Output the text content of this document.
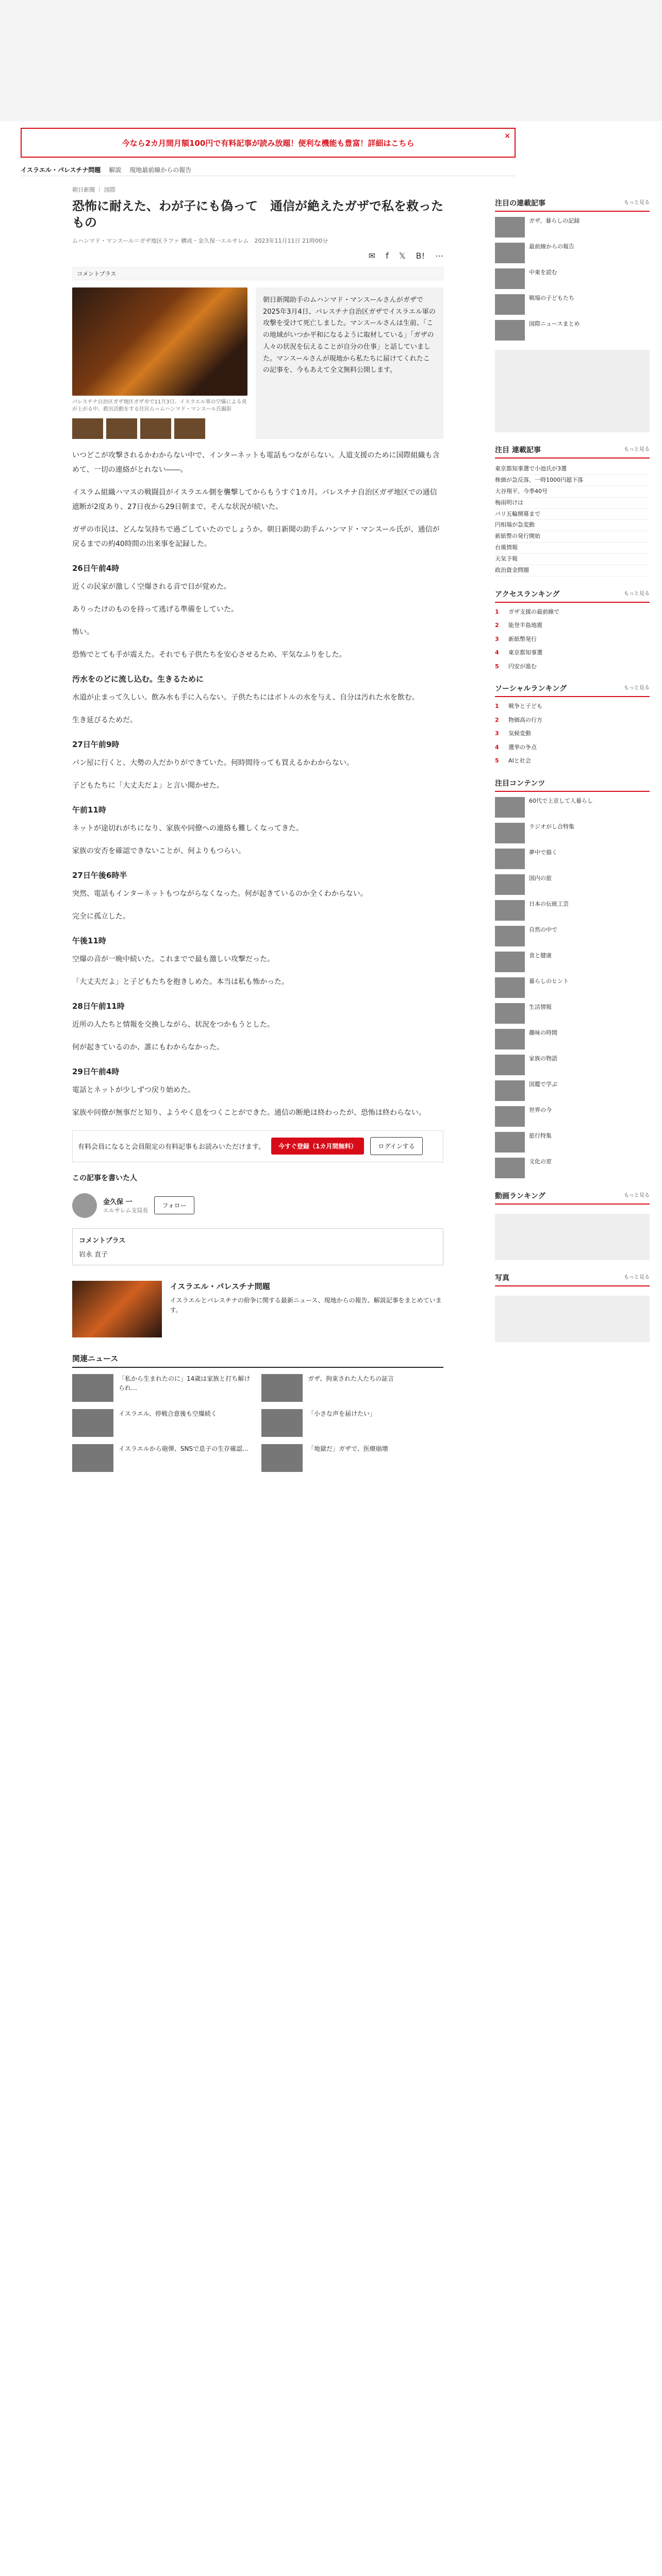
今なら2カ月間月額100円で有料記事が読み放題！便利な機能も豊富！詳細はこちら
×
イスラエル・パレスチナ問題 解説 現地最前線からの報告
朝日新聞 ｜ 国際
恐怖に耐えた、わが子にも偽って　通信が絶えたガザで私を救ったもの
ムハンマド・マンスール＝ガザ地区ラファ 構成・金久保一エルサレム　2023年11月11日 21時00分
✉ f 𝕏 B! ⋯
コメントプラス
パレスチナ自治区ガザ地区ガザ市で11月3日、イスラエル軍の空爆による炎が上がる中、救出活動をする住民ら＝ムハンマド・マンスール氏撮影
朝日新聞助手のムハンマド・マンスールさんがガザで2025年3月4日、パレスチナ自治区ガザでイスラエル軍の攻撃を受けて死亡しました。マンスールさんは生前、「この地域がいつか平和になるように取材している」「ガザの人々の状況を伝えることが自分の仕事」と話していました。マンスールさんが現地から私たちに届けてくれたこの記事を、今もあえて全文無料公開します。

いつどこが攻撃されるかわからない中で、インターネットも電話もつながらない。人道支援のために国際組織も含めて、一切の連絡がとれない――。

イスラム組織ハマスの戦闘員がイスラエル側を襲撃してからもうすぐ1カ月。パレスチナ自治区ガザ地区での通信遮断が2度あり、27日夜から29日朝まで、そんな状況が続いた。

ガザの市民は、どんな気持ちで過ごしていたのでしょうか。朝日新聞の助手ムハンマド・マンスール氏が、通信が戻るまでの約40時間の出来事を記録した。

26日午前4時

近くの民家が激しく空爆される音で目が覚めた。

ありったけのものを持って逃げる準備をしていた。

怖い。

恐怖でとても手が震えた。それでも子供たちを安心させるため、平気なふりをした。

汚水をのどに流し込む。生きるために

水道が止まって久しい。飲み水も手に入らない。子供たちにはボトルの水を与え、自分は汚れた水を飲む。

生き延びるためだ。

27日午前9時

パン屋に行くと、大勢の人だかりができていた。何時間待っても買えるかわからない。

子どもたちに「大丈夫だよ」と言い聞かせた。

午前11時

ネットが途切れがちになり、家族や同僚への連絡も難しくなってきた。

家族の安否を確認できないことが、何よりもつらい。

27日午後6時半

突然、電話もインターネットもつながらなくなった。何が起きているのか全くわからない。

完全に孤立した。

午後11時

空爆の音が一晩中続いた。これまでで最も激しい攻撃だった。

「大丈夫だよ」と子どもたちを抱きしめた。本当は私も怖かった。

28日午前11時

近所の人たちと情報を交換しながら、状況をつかもうとした。

何が起きているのか、誰にもわからなかった。

29日午前4時

電話とネットが少しずつ戻り始めた。

家族や同僚が無事だと知り、ようやく息をつくことができた。通信の断絶は終わったが、恐怖は終わらない。

有料会員になると会員限定の有料記事もお読みいただけます。	今すぐ登録（1カ月間無料）	ログインする
この記事を書いた人
金久保 一
エルサレム支局長
フォロー
コメントプラス
岩永 直子
イスラエル・パレスチナ問題
イスラエルとパレスチナの紛争に関する最新ニュース、現地からの報告、解説記事をまとめています。
関連ニュース
「私から生まれたのに」14歳は家族と打ち解けられ…
ガザ、拘束された人たちの証言
イスラエル、停戦合意後も空爆続く	「小さな声を届けたい」
イスラエルから砲弾、SNSで息子の生存確認…	「地獄だ」ガザで、医療崩壊
注目の連載記事	もっと見る
ガザ、暮らしの記録
最前線からの報告
中東を読む
戦場の子どもたち
国際ニュースまとめ
注目 連載記事	もっと見る
東京都知事選で小池氏が3選
株価が急反落、一時1000円超下落
大谷翔平、今季40号
梅雨明けは
パリ五輪開幕まで
円相場が急変動
新紙幣の発行開始
台風情報
天気予報
政治資金問題
アクセスランキング	もっと見る
1	ガザ支援の最前線で
2	能登半島地震
3	新紙幣発行
4	東京都知事選
5	円安が進む
ソーシャルランキング	もっと見る
1	戦争と子ども
2	物価高の行方
3	気候変動
4	選挙の争点
5	AIと社会
注目コンテンツ
60代で上京して人暮らし
ラジオがし合特集
夢中で描く
国内の旅
日本の伝統工芸
自然の中で
食と健康
暮らしのヒント
生活情報
趣味の時間
家族の物語
図鑑で学ぶ
世界の今
旅行特集
文化の窓
動画ランキング	もっと見る
写真	もっと見る
